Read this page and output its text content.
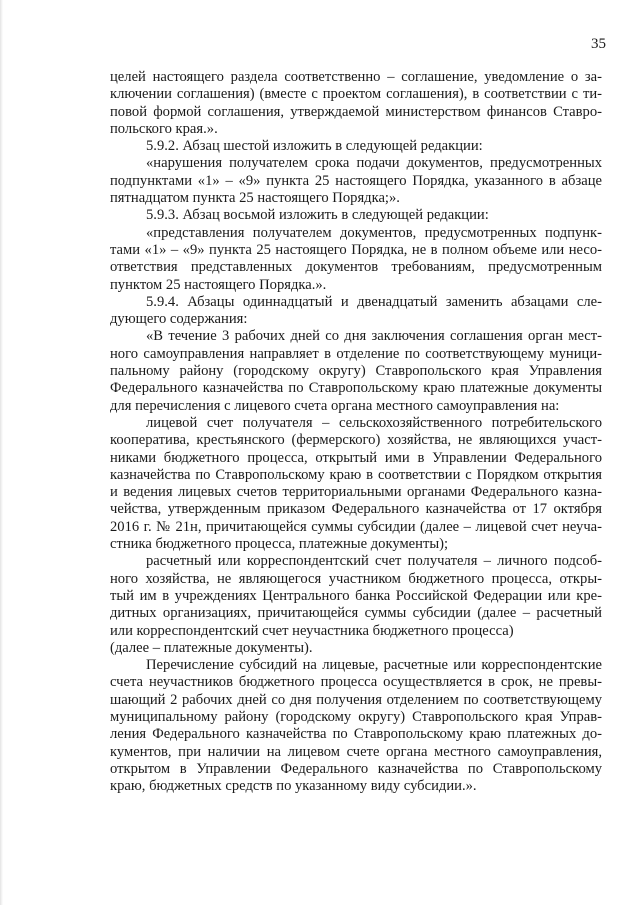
35

целей настоящего раздела соответственно – соглашение, уведомление о за-

ключении соглашения) (вместе с проектом соглашения), в соответствии с ти-

повой формой соглашения, утверждаемой министерством финансов Ставро-

польского края.».

5.9.2. Абзац шестой изложить в следующей редакции:

«нарушения получателем срока подачи документов, предусмотренных

подпунктами «1» – «9» пункта 25 настоящего Порядка, указанного в абзаце

пятнадцатом пункта 25 настоящего Порядка;».

5.9.3. Абзац восьмой изложить в следующей редакции:

«представления получателем документов, предусмотренных подпунк-

тами «1» – «9» пункта 25 настоящего Порядка, не в полном объеме или несо-

ответствия представленных документов требованиям, предусмотренным

пунктом 25 настоящего Порядка.».

5.9.4. Абзацы одиннадцатый и двенадцатый заменить абзацами сле-

дующего содержания:

«В течение 3 рабочих дней со дня заключения соглашения орган мест-

ного самоуправления направляет в отделение по соответствующему муници-

пальному району (городскому округу) Ставропольского края Управления

Федерального казначейства по Ставропольскому краю платежные документы

для перечисления с лицевого счета органа местного самоуправления на:

лицевой счет получателя – сельскохозяйственного потребительского

кооператива, крестьянского (фермерского) хозяйства, не являющихся участ-

никами бюджетного процесса, открытый ими в Управлении Федерального

казначейства по Ставропольскому краю в соответствии с Порядком открытия

и ведения лицевых счетов территориальными органами Федерального казна-

чейства, утвержденным приказом Федерального казначейства от 17 октября

2016 г. № 21н, причитающейся суммы субсидии (далее – лицевой счет неуча-

стника бюджетного процесса, платежные документы);

расчетный или корреспондентский счет получателя – личного подсоб-

ного хозяйства, не являющегося участником бюджетного процесса, откры-

тый им в учреждениях Центрального банка Российской Федерации или кре-

дитных организациях, причитающейся суммы субсидии (далее – расчетный

или корреспондентский счет неучастника бюджетного процесса)

(далее – платежные документы).

Перечисление субсидий на лицевые, расчетные или корреспондентские

счета неучастников бюджетного процесса осуществляется в срок, не превы-

шающий 2 рабочих дней со дня получения отделением по соответствующему

муниципальному району (городскому округу) Ставропольского края Управ-

ления Федерального казначейства по Ставропольскому краю платежных до-

кументов, при наличии на лицевом счете органа местного самоуправления,

открытом в Управлении Федерального казначейства по Ставропольскому

краю, бюджетных средств по указанному виду субсидии.».
